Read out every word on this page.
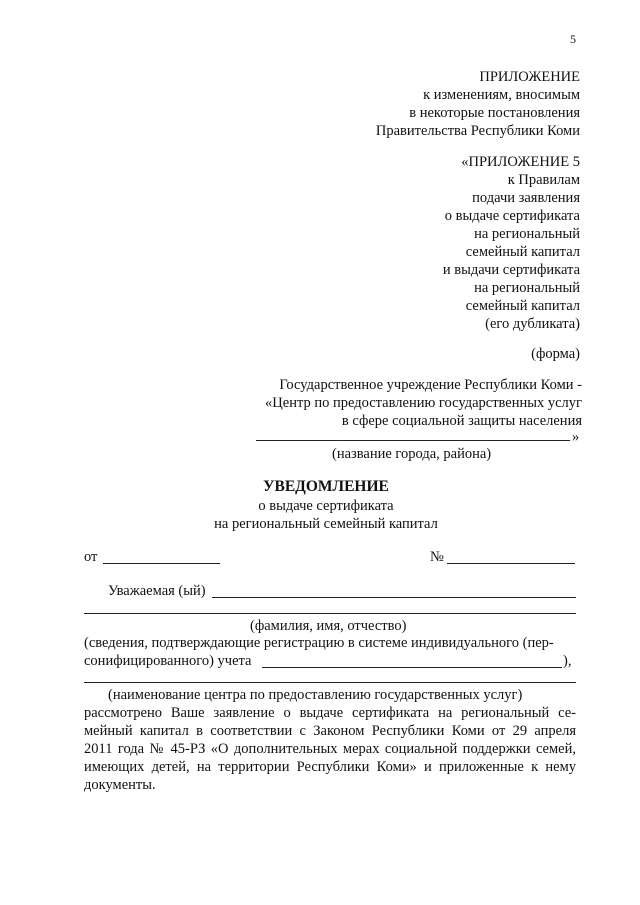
5
ПРИЛОЖЕНИЕ
к изменениям, вносимым
в некоторые постановления
Правительства Республики Коми
«ПРИЛОЖЕНИЕ 5
к Правилам
подачи заявления
о выдаче сертификата
на региональный
семейный капитал
и выдачи сертификата
на региональный
семейный капитал
(его дубликата)
(форма)
Государственное учреждение Республики Коми -
«Центр по предоставлению государственных услуг
в сфере социальной защиты населения
»
(название города, района)
УВЕДОМЛЕНИЕ
о выдаче сертификата
на региональный семейный капитал
от	№
Уважаемая (ый)
(фамилия, имя, отчество)
(сведения, подтверждающие регистрацию в системе индивидуального (пер-
сонифицированного) учета	),
(наименование центра по предоставлению государственных услуг)
рассмотрено Ваше заявление о выдаче сертификата на региональный се-
мейный капитал в соответствии с Законом Республики Коми от 29 апреля
2011 года № 45-РЗ «О дополнительных мерах социальной поддержки семей,
имеющих детей, на территории Республики Коми» и приложенные к нему
документы.
